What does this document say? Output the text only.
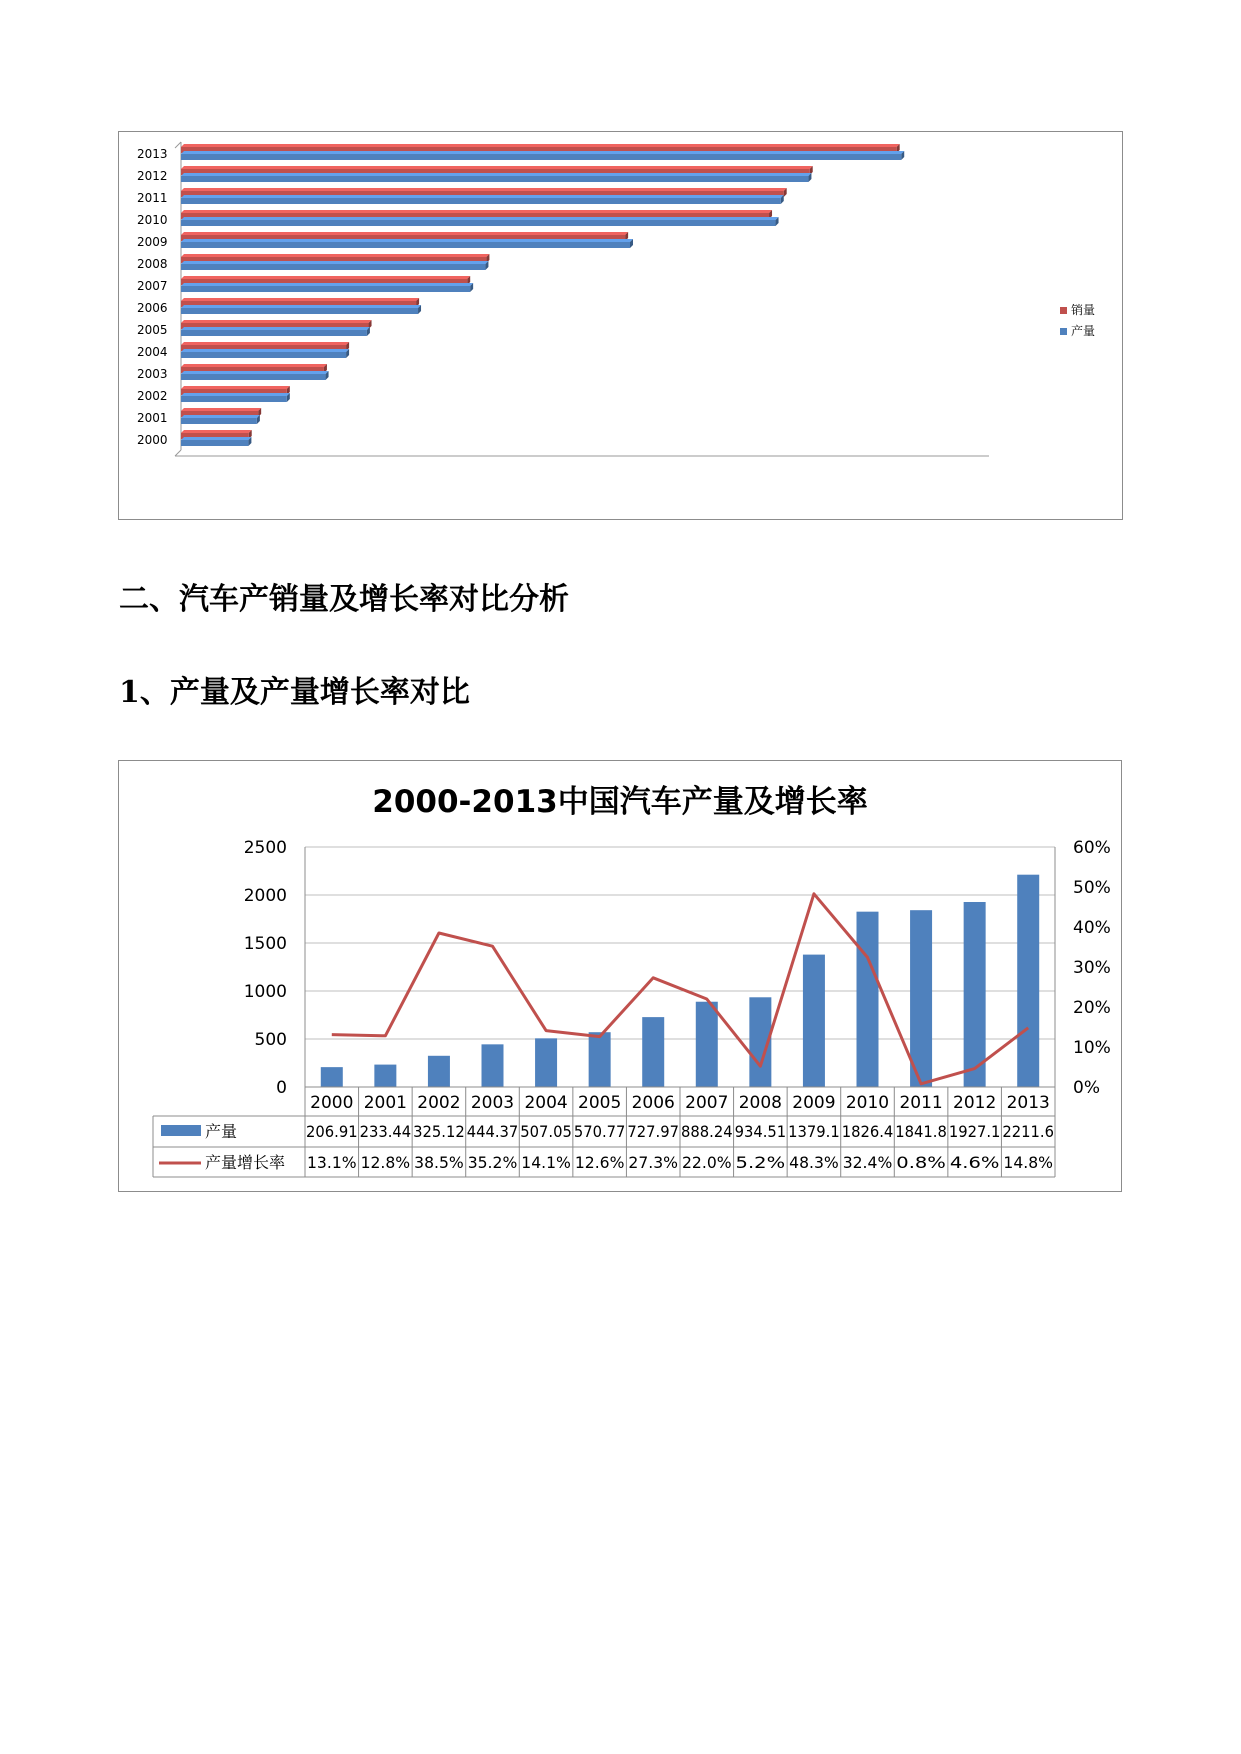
2000
2001
2002
2003
2004
2005
2006
2007
2008
2009
2010
2011
2012
2013
销量
产量
二、汽车产销量及增长率对比分析
1、产量及产量增长率对比
2000-2013中国汽车产量及增长率
0
500
1000
1500
2000
2500
0%
10%
20%
30%
40%
50%
60%
2000
206.91
13.1%
2001
233.44
12.8%
2002
325.12
38.5%
2003
444.37
35.2%
2004
507.05
14.1%
2005
570.77
12.6%
2006
727.97
27.3%
2007
888.24
22.0%
2008
934.51
5.2%
2009
1379.1
48.3%
2010
1826.4
32.4%
2011
1841.8
0.8%
2012
1927.1
4.6%
2013
2211.6
14.8%
产量
产量增长率
